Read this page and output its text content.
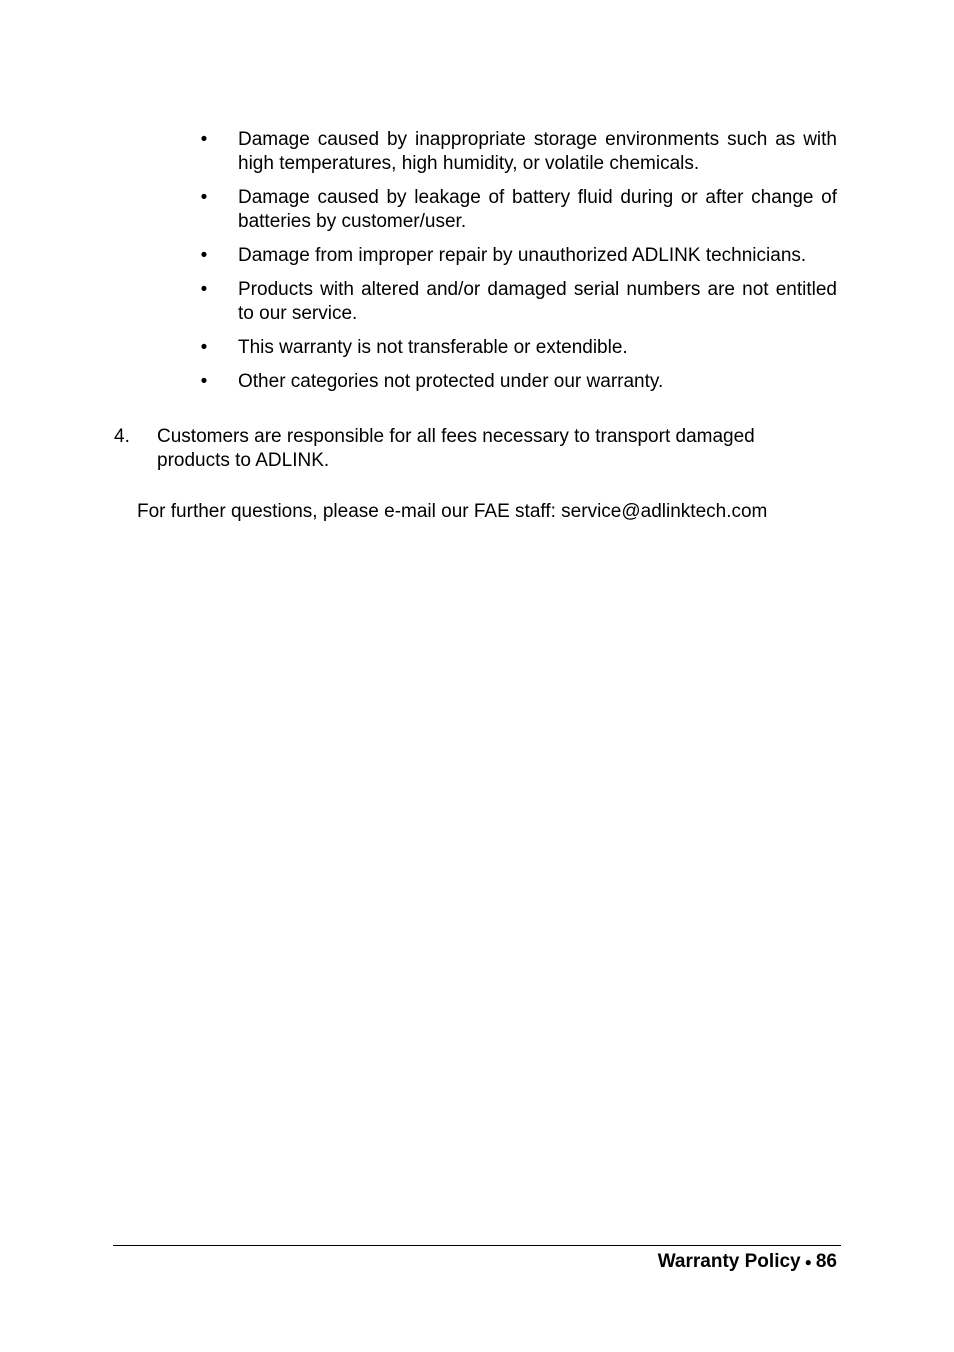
• Damage caused by inappropriate storage environments such as with high temperatures, high humidity, or volatile chemicals.
• Damage caused by leakage of battery fluid during or after change of batteries by customer/user.
• Damage from improper repair by unauthorized ADLINK technicians.
• Products with altered and/or damaged serial numbers are not entitled to our service.
• This warranty is not transferable or extendible.
• Other categories not protected under our warranty.
4. Customers are responsible for all fees necessary to transport damaged products to ADLINK.
For further questions, please e-mail our FAE staff: service@adlinktech.com
Warranty Policy ● 86
